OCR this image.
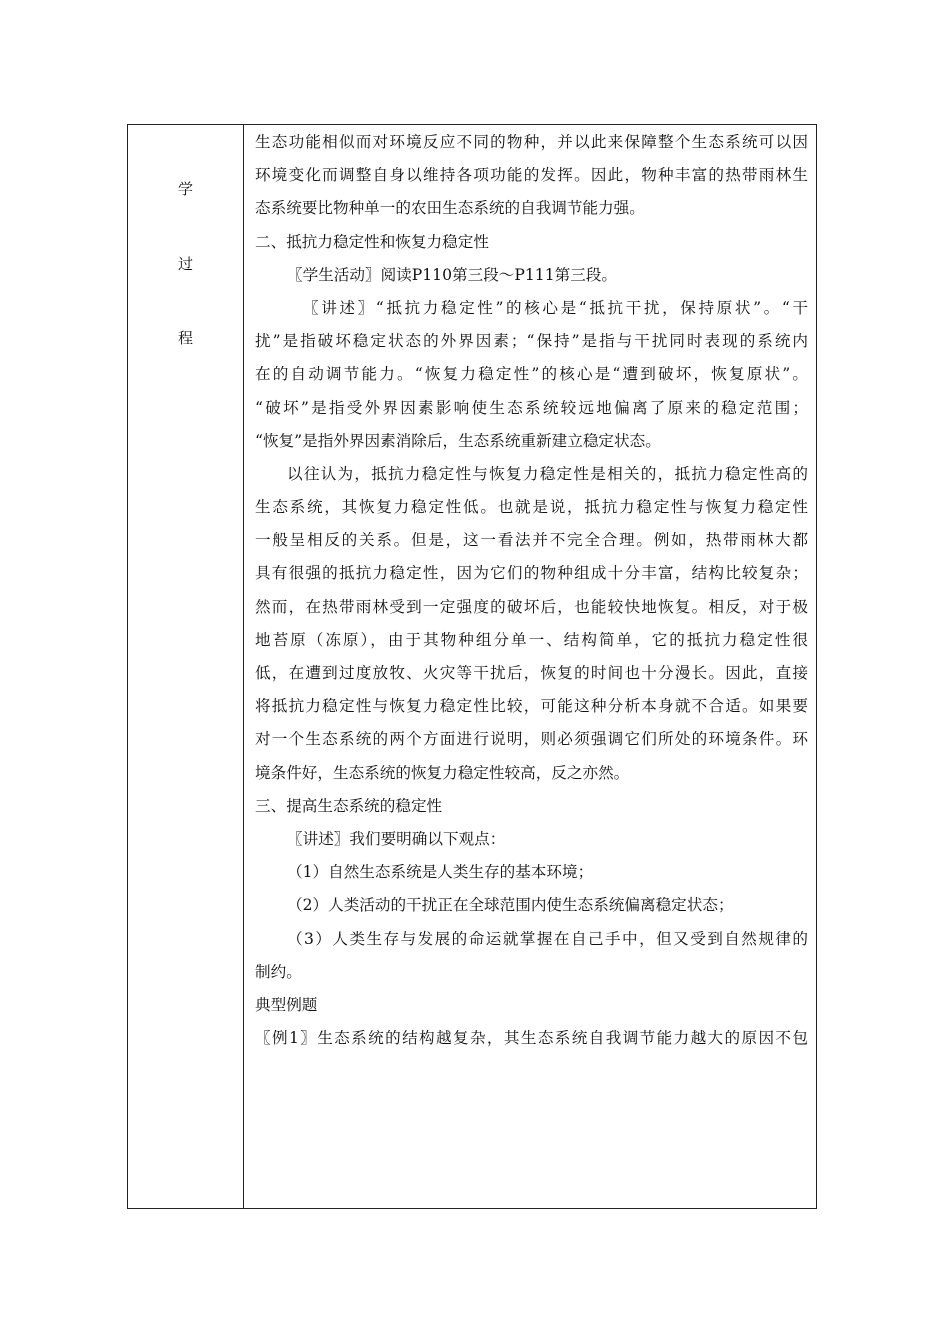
学
过
程
生态功能相似而对环境反应不同的物种，并以此来保障整个生态系统可以因
环境变化而调整自身以维持各项功能的发挥。因此，物种丰富的热带雨林生
态系统要比物种单一的农田生态系统的自我调节能力强。
二、抵抗力稳定性和恢复力稳定性
〖学生活动〗阅读P110第三段～P111第三段。
〖讲述〗“抵抗力稳定性”的核心是“抵抗干扰，保持原状”。“干
扰”是指破坏稳定状态的外界因素；“保持”是指与干扰同时表现的系统内
在的自动调节能力。“恢复力稳定性”的核心是“遭到破坏，恢复原状”。
“破坏”是指受外界因素影响使生态系统较远地偏离了原来的稳定范围；
“恢复”是指外界因素消除后，生态系统重新建立稳定状态。
以往认为，抵抗力稳定性与恢复力稳定性是相关的，抵抗力稳定性高的
生态系统，其恢复力稳定性低。也就是说，抵抗力稳定性与恢复力稳定性
一般呈相反的关系。但是，这一看法并不完全合理。例如，热带雨林大都
具有很强的抵抗力稳定性，因为它们的物种组成十分丰富，结构比较复杂；
然而，在热带雨林受到一定强度的破坏后，也能较快地恢复。相反，对于极
地苔原（冻原），由于其物种组分单一、结构简单，它的抵抗力稳定性很
低，在遭到过度放牧、火灾等干扰后，恢复的时间也十分漫长。因此，直接
将抵抗力稳定性与恢复力稳定性比较，可能这种分析本身就不合适。如果要
对一个生态系统的两个方面进行说明，则必须强调它们所处的环境条件。环
境条件好，生态系统的恢复力稳定性较高，反之亦然。
三、提高生态系统的稳定性
〖讲述〗我们要明确以下观点：
（1）自然生态系统是人类生存的基本环境；
（2）人类活动的干扰正在全球范围内使生态系统偏离稳定状态；
（3）人类生存与发展的命运就掌握在自己手中，但又受到自然规律的
制约。
典型例题
〖例1〗生态系统的结构越复杂，其生态系统自我调节能力越大的原因不包
